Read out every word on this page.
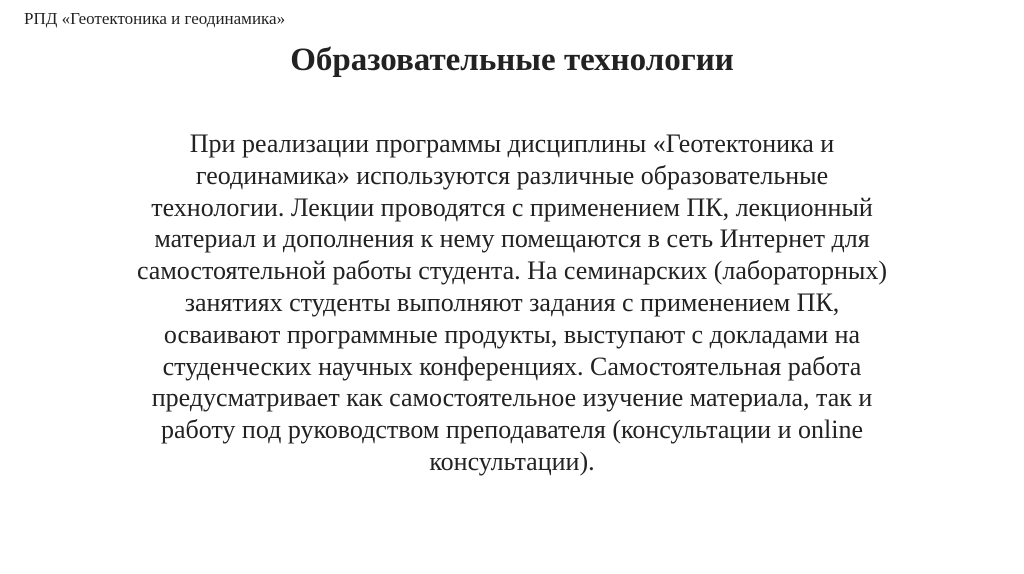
РПД «Геотектоника и геодинамика»
Образовательные технологии
При реализации программы дисциплины «Геотектоника и
геодинамика» используются различные образовательные
технологии. Лекции проводятся с применением ПК, лекционный
материал и дополнения к нему помещаются в сеть Интернет для
самостоятельной работы студента. На семинарских (лабораторных)
занятиях студенты выполняют задания с применением ПК,
осваивают программные продукты, выступают с докладами на
студенческих научных конференциях. Самостоятельная работа
предусматривает как самостоятельное изучение материала, так и
работу под руководством преподавателя (консультации и online
консультации).
